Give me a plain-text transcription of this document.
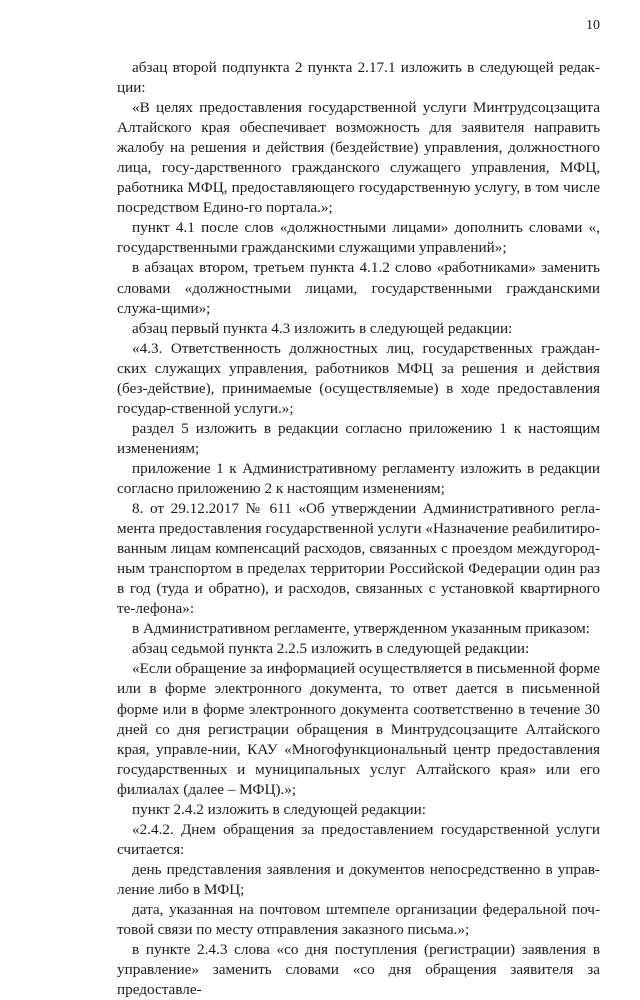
10

абзац второй подпункта 2 пункта 2.17.1 изложить в следующей редак-ции:

«В целях предоставления государственной услуги Минтрудсоцзащита Алтайского края обеспечивает возможность для заявителя направить жалобу на решения и действия (бездействие) управления, должностного лица, госу-дарственного гражданского служащего управления, МФЦ, работника МФЦ, предоставляющего государственную услугу, в том числе посредством Едино-го портала.»;

пункт 4.1 после слов «должностными лицами» дополнить словами «, государственными гражданскими служащими управлений»;

в абзацах втором, третьем пункта 4.1.2 слово «работниками» заменить словами «должностными лицами, государственными гражданскими служа-щими»;

абзац первый пункта 4.3 изложить в следующей редакции:

«4.3. Ответственность должностных лиц, государственных граждан-ских служащих управления, работников МФЦ за решения и действия (без-действие), принимаемые (осуществляемые) в ходе предоставления государ-ственной услуги.»;

раздел 5 изложить в редакции согласно приложению 1 к настоящим изменениям;

приложение 1 к Административному регламенту изложить в редакции согласно приложению 2 к настоящим изменениям;

8. от 29.12.2017 № 611 «Об утверждении Административного регла-мента предоставления государственной услуги «Назначение реабилитиро-ванным лицам компенсаций расходов, связанных с проездом междугород-ным транспортом в пределах территории Российской Федерации один раз в год (туда и обратно), и расходов, связанных с установкой квартирного те-лефона»:

в Административном регламенте, утвержденном указанным приказом:

абзац седьмой пункта 2.2.5 изложить в следующей редакции:

«Если обращение за информацией осуществляется в письменной форме или в форме электронного документа, то ответ дается в письменной форме или в форме электронного документа соответственно в течение 30 дней со дня регистрации обращения в Минтрудсоцзащите Алтайского края, управле-нии, КАУ «Многофункциональный центр предоставления государственных и муниципальных услуг Алтайского края» или его филиалах (далее – МФЦ).»;

пункт 2.4.2 изложить в следующей редакции:

«2.4.2. Днем обращения за предоставлением государственной услуги считается:

день представления заявления и документов непосредственно в управ-ление либо в МФЦ;

дата, указанная на почтовом штемпеле организации федеральной поч-товой связи по месту отправления заказного письма.»;

в пункте 2.4.3 слова «со дня поступления (регистрации) заявления в управление» заменить словами «со дня обращения заявителя за предоставле-
